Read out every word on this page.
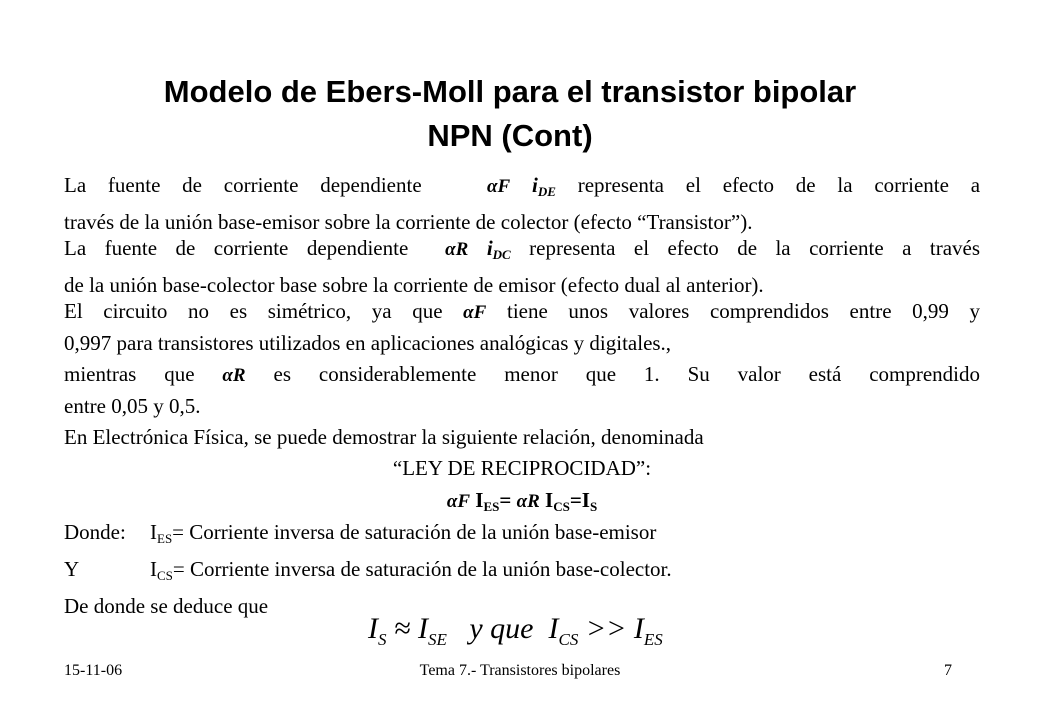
Modelo de Ebers-Moll para el transistor bipolar
NPN (Cont)
La fuente de corriente dependiente	αF $i_{DE}$ representa el efecto de la corriente a
través de la unión base-emisor sobre la corriente de colector (efecto “Transistor”).
La fuente de corriente dependiente αR $i_{DC}$ representa el efecto de la corriente a través
de la unión base-colector base sobre la corriente de emisor (efecto dual al anterior).
El circuito no es simétrico, ya que αF tiene unos valores comprendidos entre 0,99 y
0,997 para transistores utilizados en aplicaciones analógicas y digitales.,
mientras que αR es considerablemente menor que 1. Su valor está comprendido
entre 0,05 y 0,5.
En Electrónica Física, se puede demostrar la siguiente relación, denominada
“LEY DE RECIPROCIDAD”:
αF $I_{ES}= \alpha R$ $I_{CS}=I_S$
Donde:	$I_{ES}=$ Corriente inversa de saturación de la unión base-emisor
Y	$I_{CS}=$ Corriente inversa de saturación de la unión base-colector.
De donde se deduce que
$I_S \approx I_{SE}$ y que $I_{CS} >> I_{ES}$
15-11-06	Tema 7.- Transistores bipolares	7
